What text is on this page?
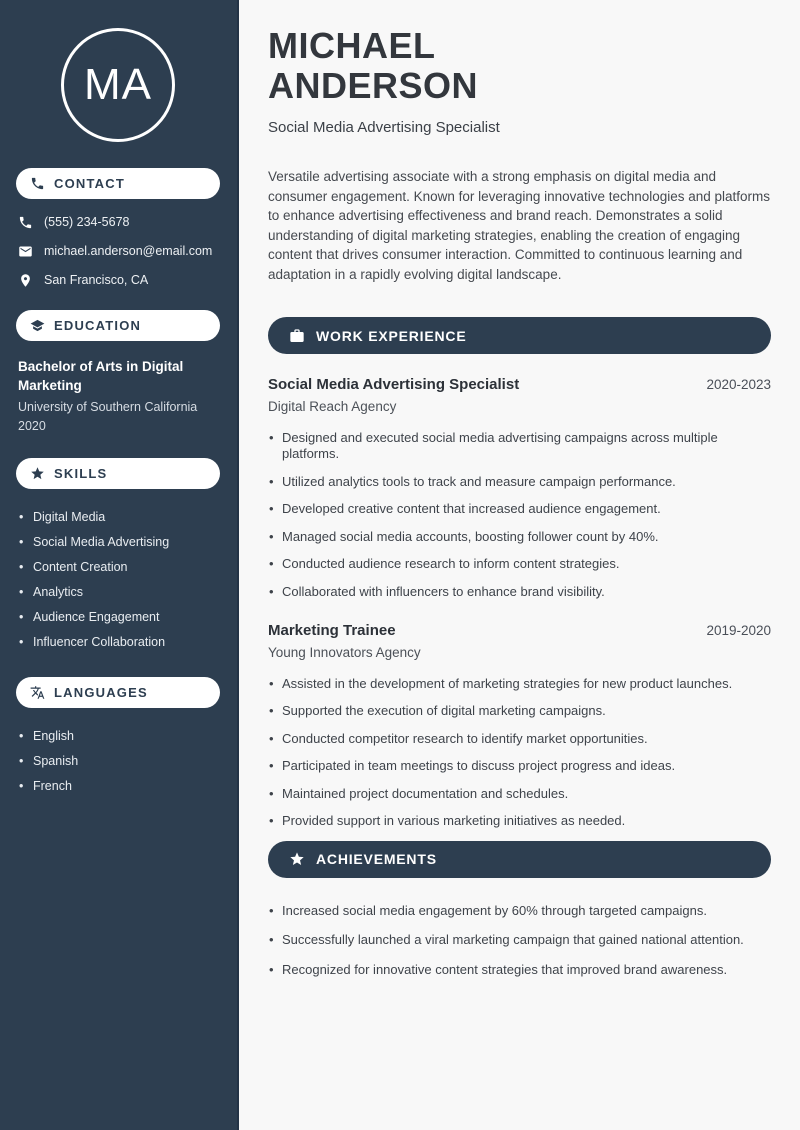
MA
CONTACT
(555) 234-5678
michael.anderson@email.com
San Francisco, CA
EDUCATION
Bachelor of Arts in Digital Marketing
University of Southern California
2020
SKILLS
• Digital Media
• Social Media Advertising
• Content Creation
• Analytics
• Audience Engagement
• Influencer Collaboration
LANGUAGES
• English
• Spanish
• French
MICHAEL
ANDERSON
Social Media Advertising Specialist

Versatile advertising associate with a strong emphasis on digital media and consumer engagement. Known for leveraging innovative technologies and platforms to enhance advertising effectiveness and brand reach. Demonstrates a solid understanding of digital marketing strategies, enabling the creation of engaging content that drives consumer interaction. Committed to continuous learning and adaptation in a rapidly evolving digital landscape.

WORK EXPERIENCE
Social Media Advertising Specialist	2020-2023
Digital Reach Agency
• Designed and executed social media advertising campaigns across multiple platforms.
• Utilized analytics tools to track and measure campaign performance.
• Developed creative content that increased audience engagement.
• Managed social media accounts, boosting follower count by 40%.
• Conducted audience research to inform content strategies.
• Collaborated with influencers to enhance brand visibility.
Marketing Trainee	2019-2020
Young Innovators Agency
• Assisted in the development of marketing strategies for new product launches.
• Supported the execution of digital marketing campaigns.
• Conducted competitor research to identify market opportunities.
• Participated in team meetings to discuss project progress and ideas.
• Maintained project documentation and schedules.
• Provided support in various marketing initiatives as needed.
ACHIEVEMENTS
• Increased social media engagement by 60% through targeted campaigns.
• Successfully launched a viral marketing campaign that gained national attention.
• Recognized for innovative content strategies that improved brand awareness.
